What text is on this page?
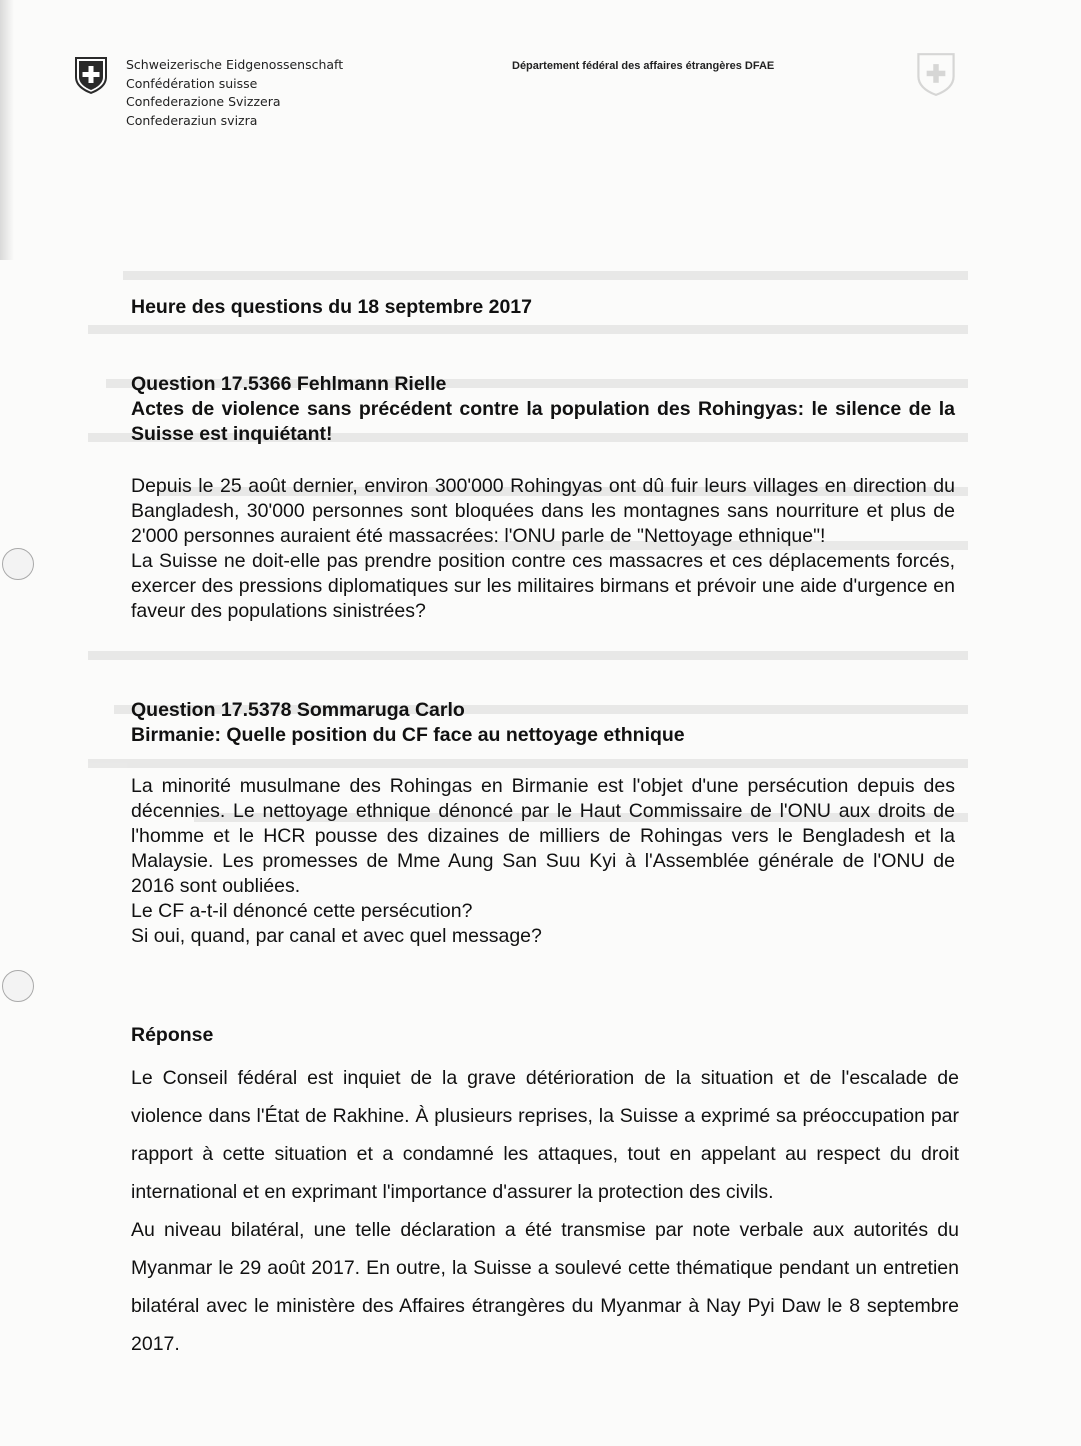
Schweizerische Eidgenossenschaft
Confédération suisse
Confederazione Svizzera
Confederaziun svizra
Département fédéral des affaires étrangères DFAE
Heure des questions du 18 septembre 2017

Question 17.5366 Fehlmann Rielle

Actes de violence sans précédent contre la population des Rohingyas: le silence de la Suisse est inquiétant!

Depuis le 25 août dernier, environ 300'000 Rohingyas ont dû fuir leurs villages en direction du Bangladesh, 30'000 personnes sont bloquées dans les montagnes sans nourriture et plus de 2'000 personnes auraient été massacrées: l'ONU parle de "Nettoyage ethnique"!

La Suisse ne doit-elle pas prendre position contre ces massacres et ces déplacements forcés, exercer des pressions diplomatiques sur les militaires birmans et prévoir une aide d'urgence en faveur des populations sinistrées?

Question 17.5378 Sommaruga Carlo

Birmanie: Quelle position du CF face au nettoyage ethnique

La minorité musulmane des Rohingas en Birmanie est l'objet d'une persécution depuis des décennies. Le nettoyage ethnique dénoncé par le Haut Commissaire de l'ONU aux droits de l'homme et le HCR pousse des dizaines de milliers de Rohingas vers le Bengladesh et la Malaysie. Les promesses de Mme Aung San Suu Kyi à l'Assemblée générale de l'ONU de 2016 sont oubliées.

Le CF a-t-il dénoncé cette persécution?

Si oui, quand, par canal et avec quel message?

Réponse

Le Conseil fédéral est inquiet de la grave détérioration de la situation et de l'escalade de violence dans l'État de Rakhine. À plusieurs reprises, la Suisse a exprimé sa préoccupation par rapport à cette situation et a condamné les attaques, tout en appelant au respect du droit international et en exprimant l'importance d'assurer la protection des civils.

Au niveau bilatéral, une telle déclaration a été transmise par note verbale aux autorités du Myanmar le 29 août 2017. En outre, la Suisse a soulevé cette thématique pendant un entretien bilatéral avec le ministère des Affaires étrangères du Myanmar à Nay Pyi Daw le 8 septembre 2017.
